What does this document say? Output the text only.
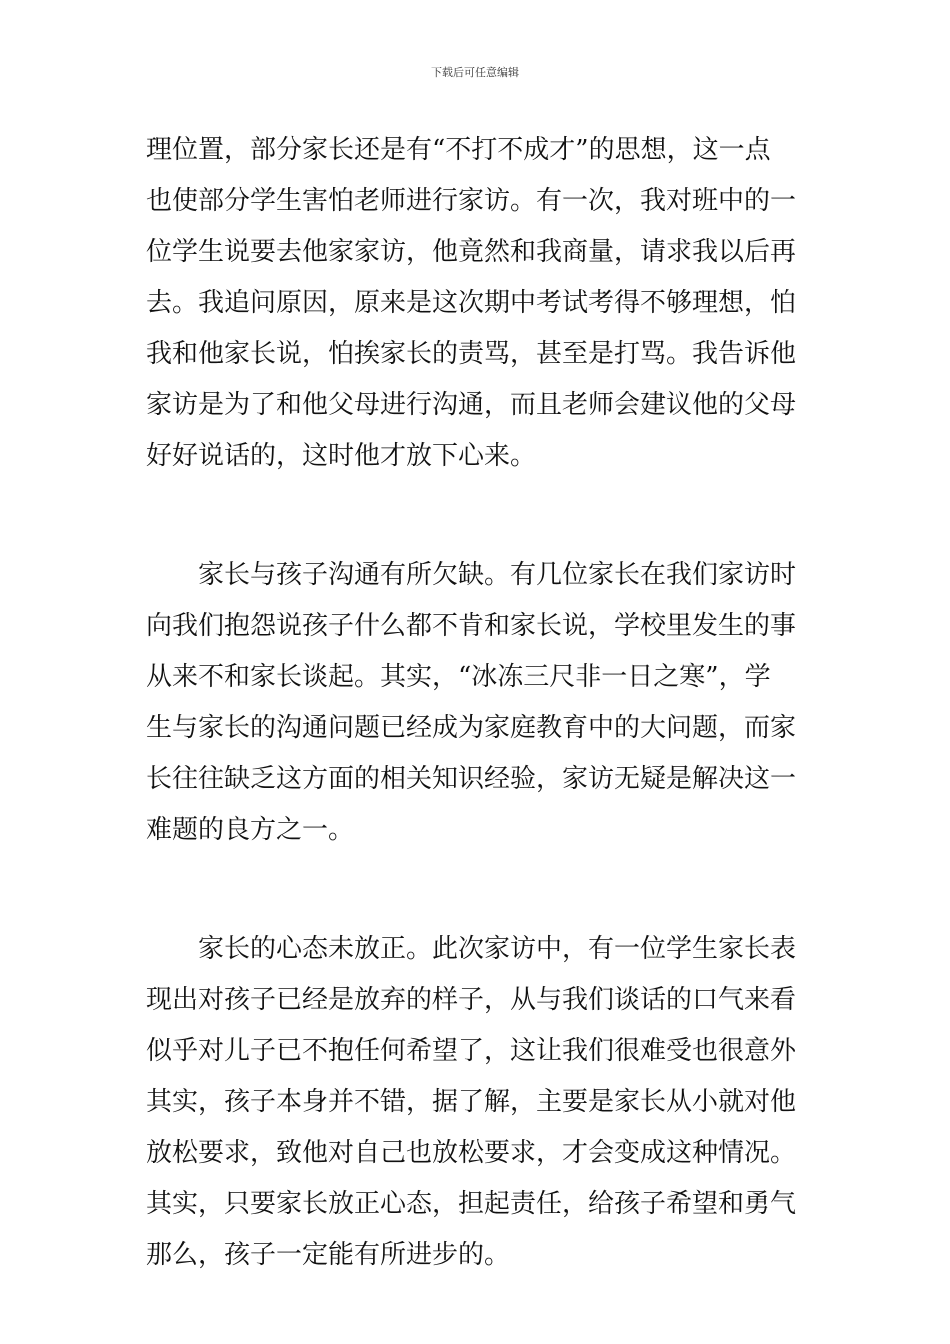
下载后可任意编辑
理位置，部分家长还是有“不打不成才”的思想，这一点
也使部分学生害怕老师进行家访。有一次，我对班中的一
位学生说要去他家家访，他竟然和我商量，请求我以后再
去。我追问原因，原来是这次期中考试考得不够理想，怕
我和他家长说，怕挨家长的责骂，甚至是打骂。我告诉他
家访是为了和他父母进行沟通，而且老师会建议他的父母
好好说话的，这时他才放下心来。
家长与孩子沟通有所欠缺。有几位家长在我们家访时
向我们抱怨说孩子什么都不肯和家长说，学校里发生的事
从来不和家长谈起。其实，“冰冻三尺非一日之寒”，学
生与家长的沟通问题已经成为家庭教育中的大问题，而家
长往往缺乏这方面的相关知识经验，家访无疑是解决这一
难题的良方之一。
家长的心态未放正。此次家访中，有一位学生家长表
现出对孩子已经是放弃的样子，从与我们谈话的口气来看
似乎对儿子已不抱任何希望了，这让我们很难受也很意外
其实，孩子本身并不错，据了解，主要是家长从小就对他
放松要求，致他对自己也放松要求，才会变成这种情况。
其实，只要家长放正心态，担起责任，给孩子希望和勇气
那么，孩子一定能有所进步的。
